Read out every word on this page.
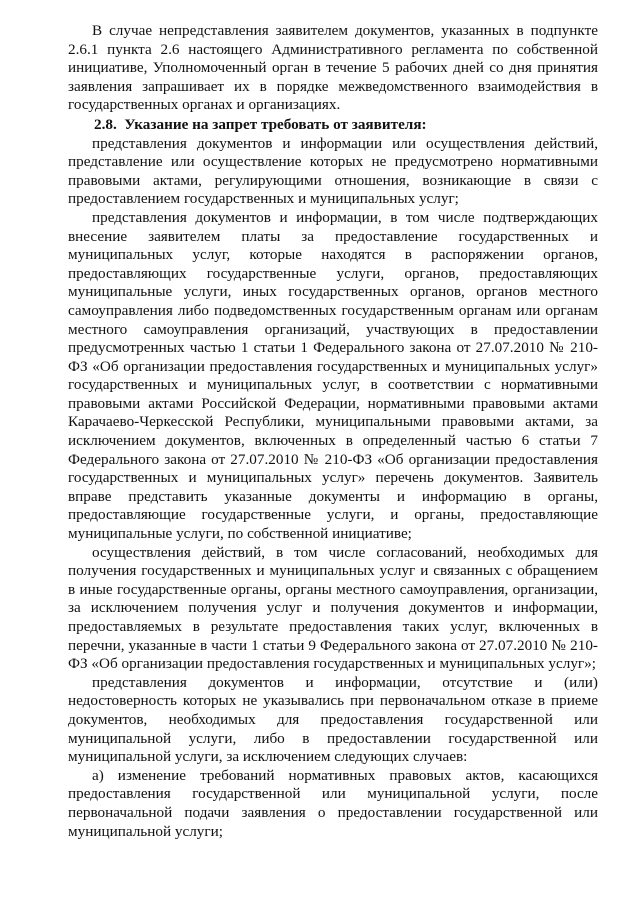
В случае непредставления заявителем документов, указанных в подпункте 2.6.1 пункта 2.6 настоящего Административного регламента по собственной инициативе, Уполномоченный орган в течение 5 рабочих дней со дня принятия заявления запрашивает их в порядке межведомственного взаимодействия в государственных органах и организациях.

2.8. Указание на запрет требовать от заявителя:

представления документов и информации или осуществления действий, представление или осуществление которых не предусмотрено нормативными правовыми актами, регулирующими отношения, возникающие в связи с предоставлением государственных и муниципальных услуг;

представления документов и информации, в том числе подтверждающих внесение заявителем платы за предоставление государственных и муниципальных услуг, которые находятся в распоряжении органов, предоставляющих государственные услуги, органов, предоставляющих муниципальные услуги, иных государственных органов, органов местного самоуправления либо подведомственных государственным органам или органам местного самоуправления организаций, участвующих в предоставлении предусмотренных частью 1 статьи 1 Федерального закона от 27.07.2010 № 210-ФЗ «Об организации предоставления государственных и муниципальных услуг» государственных и муниципальных услуг, в соответствии с нормативными правовыми актами Российской Федерации, нормативными правовыми актами Карачаево-Черкесской Республики, муниципальными правовыми актами, за исключением документов, включенных в определенный частью 6 статьи 7 Федерального закона от 27.07.2010 № 210-ФЗ «Об организации предоставления государственных и муниципальных услуг» перечень документов. Заявитель вправе представить указанные документы и информацию в органы, предоставляющие государственные услуги, и органы, предоставляющие муниципальные услуги, по собственной инициативе;

осуществления действий, в том числе согласований, необходимых для получения государственных и муниципальных услуг и связанных с обращением в иные государственные органы, органы местного самоуправления, организации, за исключением получения услуг и получения документов и информации, предоставляемых в результате предоставления таких услуг, включенных в перечни, указанные в части 1 статьи 9 Федерального закона от 27.07.2010 № 210-ФЗ «Об организации предоставления государственных и муниципальных услуг»;

представления документов и информации, отсутствие и (или) недостоверность которых не указывались при первоначальном отказе в приеме документов, необходимых для предоставления государственной или муниципальной услуги, либо в предоставлении государственной или муниципальной услуги, за исключением следующих случаев:

а) изменение требований нормативных правовых актов, касающихся предоставления государственной или муниципальной услуги, после первоначальной подачи заявления о предоставлении государственной или муниципальной услуги;
